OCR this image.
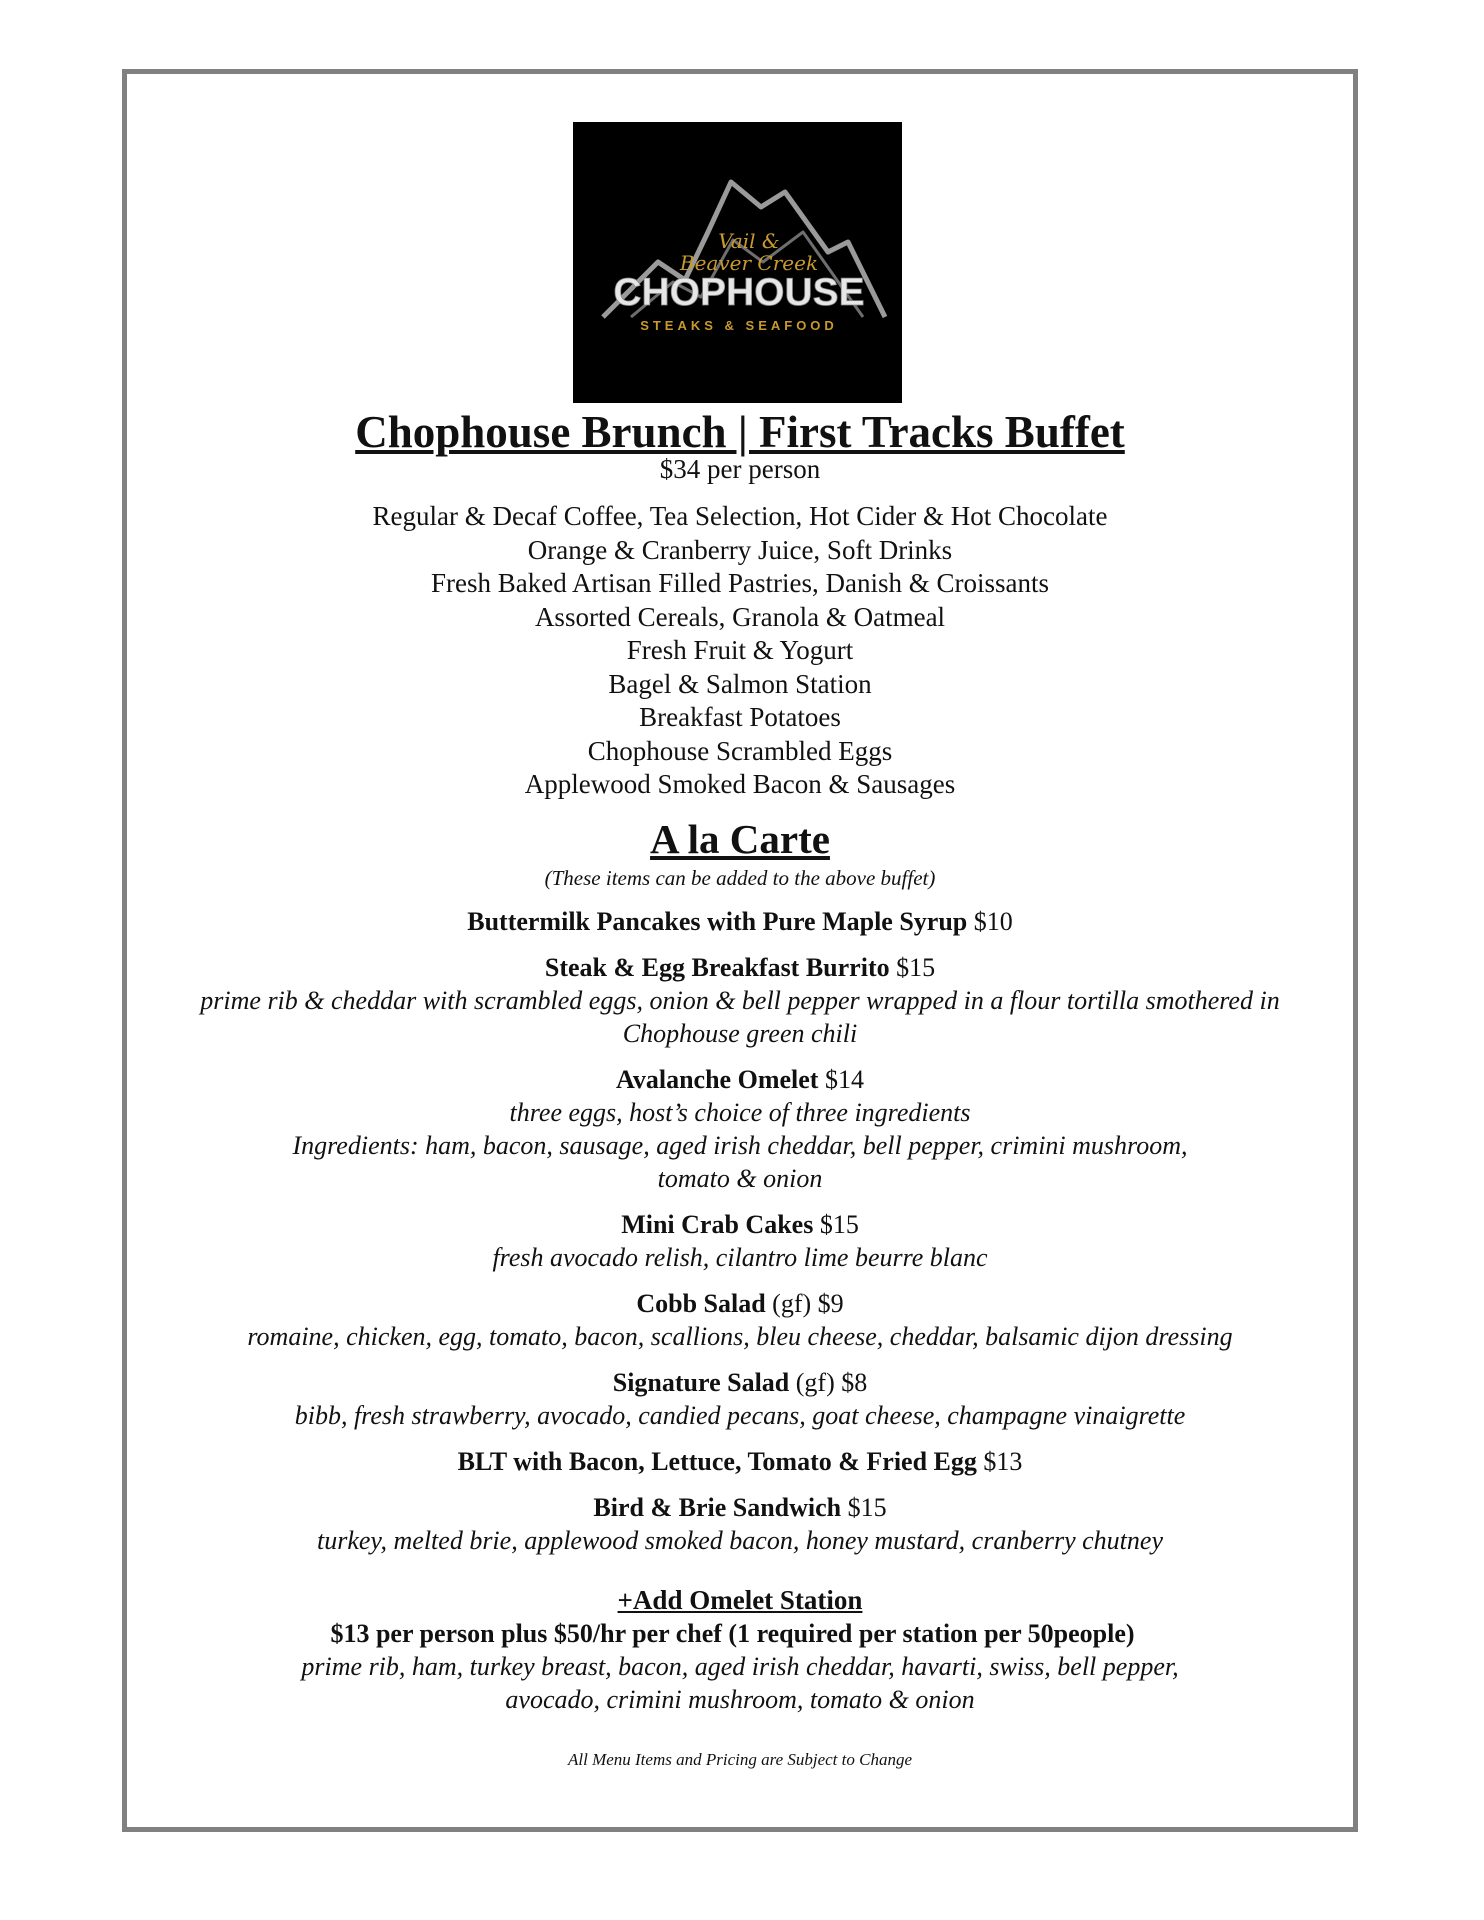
Vail &
Beaver Creek
CHOPHOUSE
STEAKS & SEAFOOD
Chophouse Brunch | First Tracks Buffet
$34 per person
Regular & Decaf Coffee, Tea Selection, Hot Cider & Hot Chocolate
Orange & Cranberry Juice, Soft Drinks
Fresh Baked Artisan Filled Pastries, Danish & Croissants
Assorted Cereals, Granola & Oatmeal
Fresh Fruit & Yogurt
Bagel & Salmon Station
Breakfast Potatoes
Chophouse Scrambled Eggs
Applewood Smoked Bacon & Sausages
A la Carte
(These items can be added to the above buffet)
Buttermilk Pancakes with Pure Maple Syrup $10
Steak & Egg Breakfast Burrito $15
prime rib & cheddar with scrambled eggs, onion & bell pepper wrapped in a flour tortilla smothered in
Chophouse green chili
Avalanche Omelet $14
three eggs, host’s choice of three ingredients
Ingredients: ham, bacon, sausage, aged irish cheddar, bell pepper, crimini mushroom,
tomato & onion
Mini Crab Cakes $15
fresh avocado relish, cilantro lime beurre blanc
Cobb Salad (gf) $9
romaine, chicken, egg, tomato, bacon, scallions, bleu cheese, cheddar, balsamic dijon dressing
Signature Salad (gf) $8
bibb, fresh strawberry, avocado, candied pecans, goat cheese, champagne vinaigrette
BLT with Bacon, Lettuce, Tomato & Fried Egg $13
Bird & Brie Sandwich $15
turkey, melted brie, applewood smoked bacon, honey mustard, cranberry chutney
+Add Omelet Station
$13 per person plus $50/hr per chef (1 required per station per 50people)
prime rib, ham, turkey breast, bacon, aged irish cheddar, havarti, swiss, bell pepper,
avocado, crimini mushroom, tomato & onion
All Menu Items and Pricing are Subject to Change
